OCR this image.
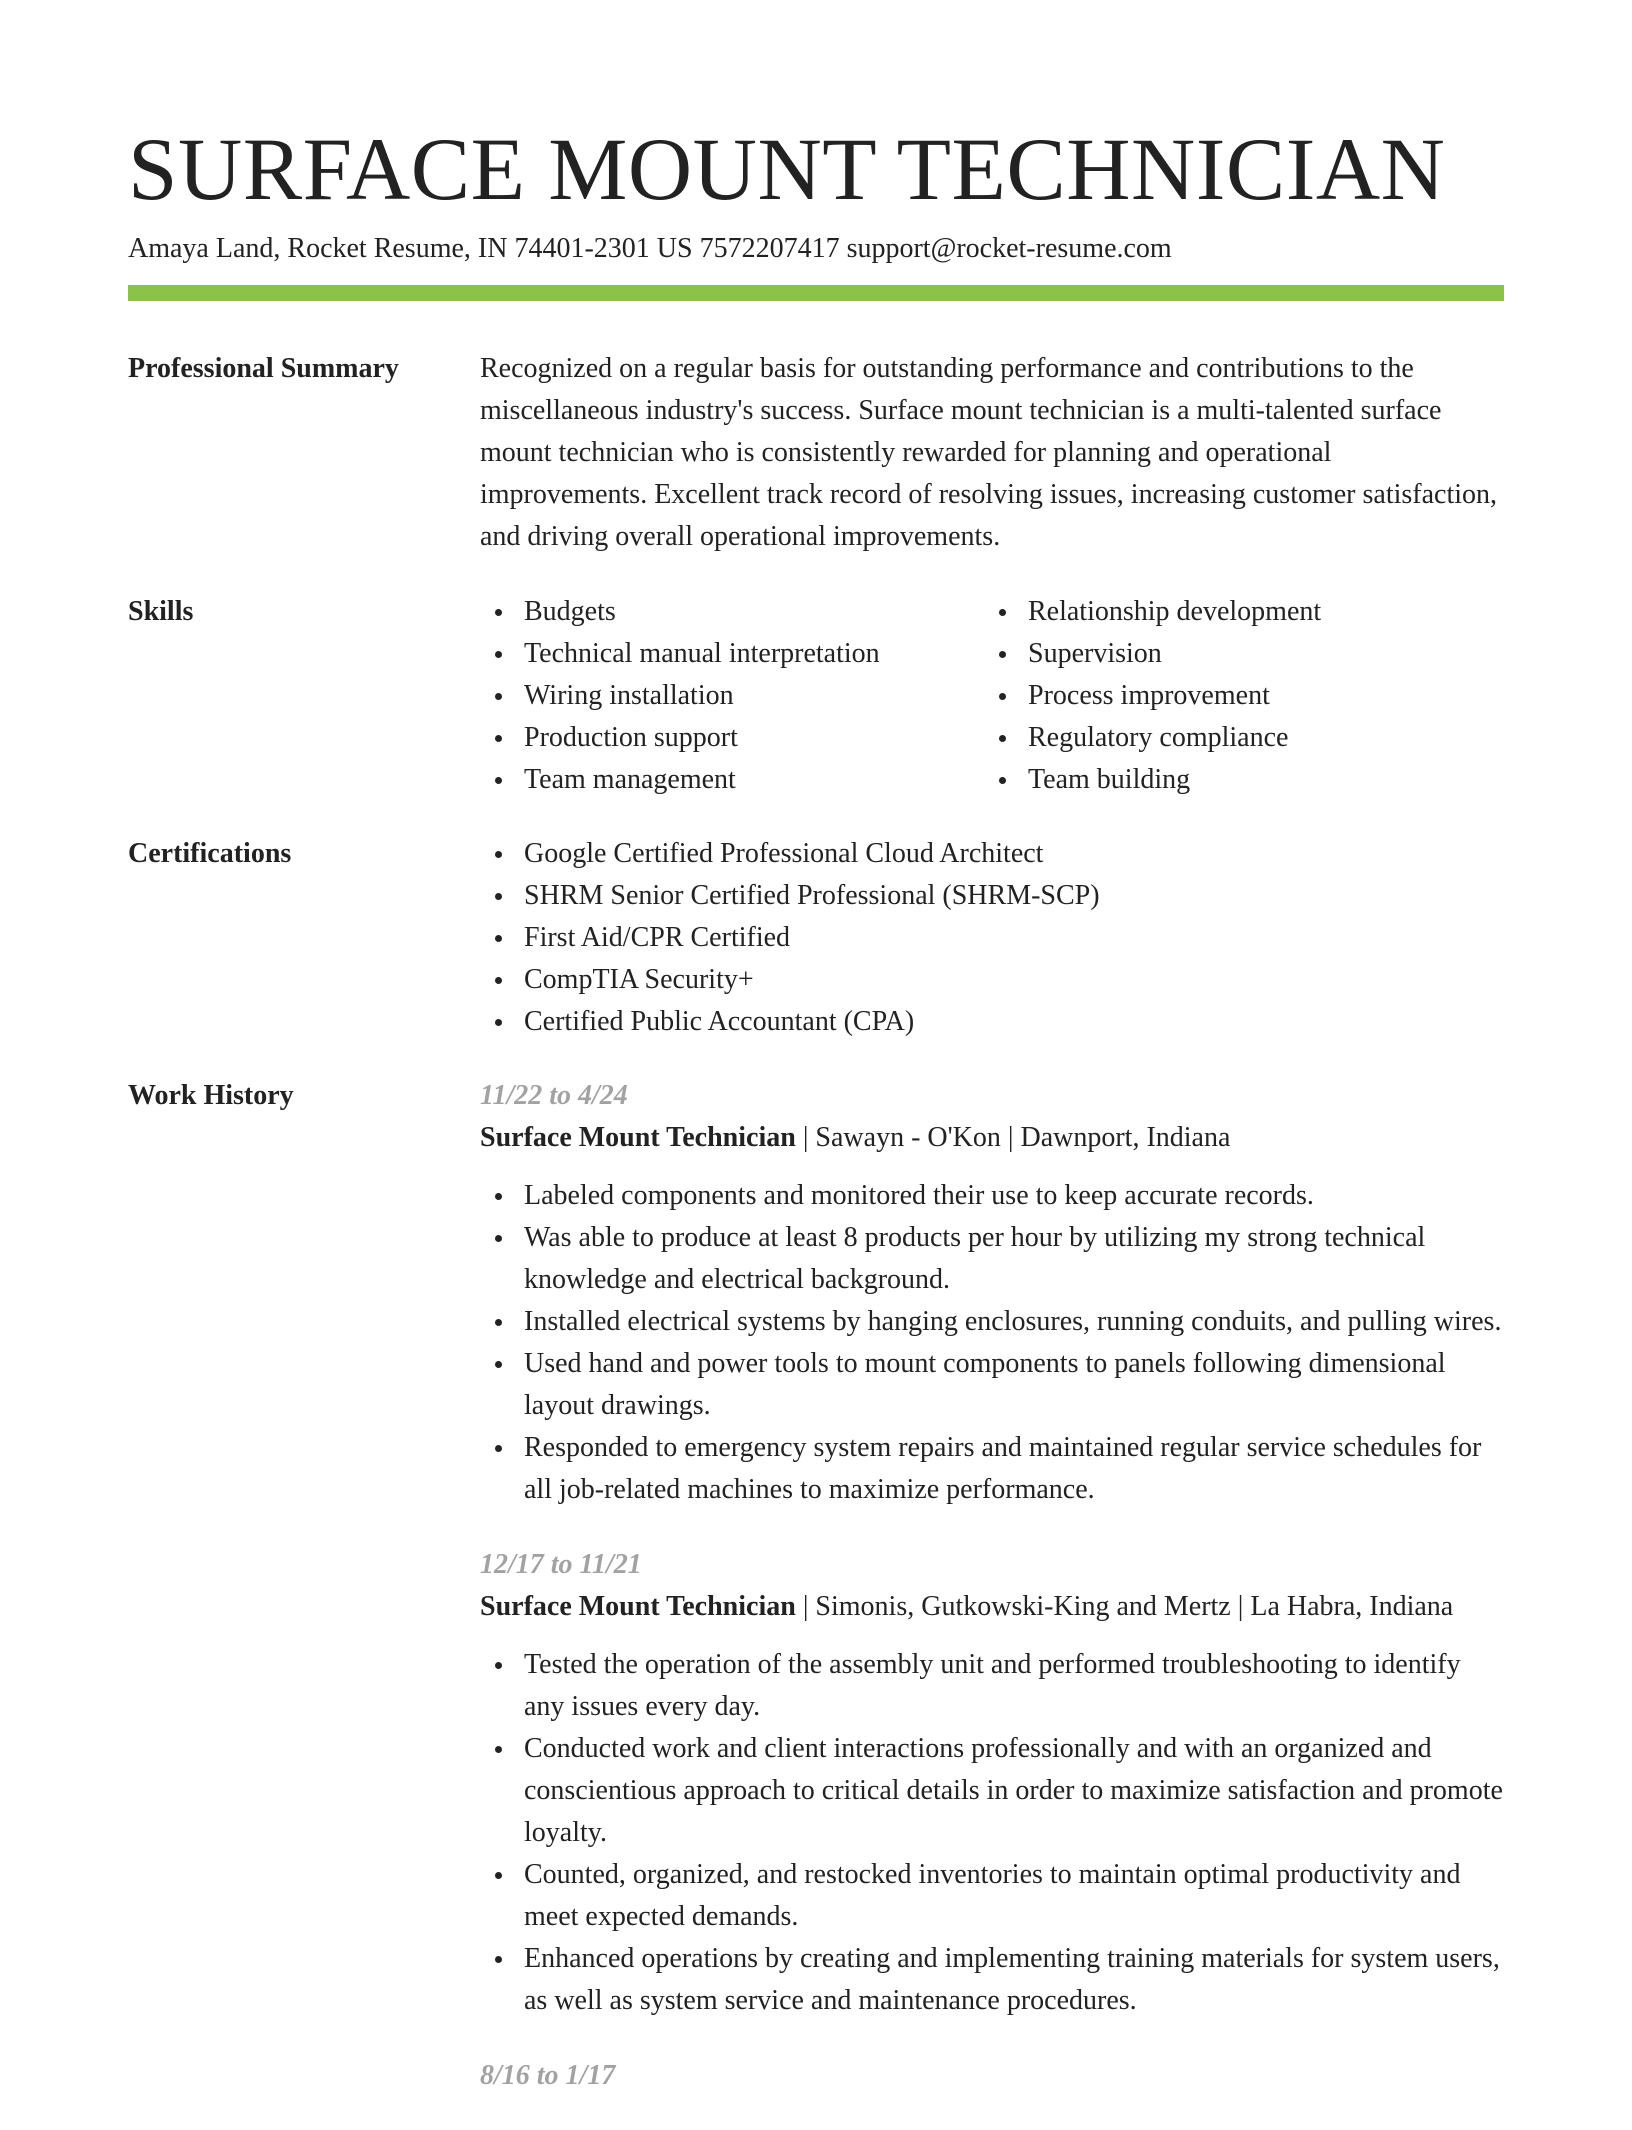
SURFACE MOUNT TECHNICIAN
Amaya Land, Rocket Resume, IN 74401-2301 US 7572207417 support@rocket-resume.com
Professional Summary	Recognized on a regular basis for outstanding performance and contributions to the miscellaneous industry's success. Surface mount technician is a multi-talented surface mount technician who is consistently rewarded for planning and operational improvements. Excellent track record of resolving issues, increasing customer satisfaction, and driving overall operational improvements.

Skills	Budgets
Technical manual interpretation
Wiring installation
Production support
Team management
Relationship development
Supervision
Process improvement
Regulatory compliance
Team building
Certifications	Google Certified Professional Cloud Architect
SHRM Senior Certified Professional (SHRM-SCP)
First Aid/CPR Certified
CompTIA Security+
Certified Public Accountant (CPA)
Work History	11/22 to 4/24
Surface Mount Technician | Sawayn - O'Kon | Dawnport, Indiana
Labeled components and monitored their use to keep accurate records.
Was able to produce at least 8 products per hour by utilizing my strong technical knowledge and electrical background.
Installed electrical systems by hanging enclosures, running conduits, and pulling wires.
Used hand and power tools to mount components to panels following dimensional layout drawings.
Responded to emergency system repairs and maintained regular service schedules for all job-related machines to maximize performance.
12/17 to 11/21
Surface Mount Technician | Simonis, Gutkowski-King and Mertz | La Habra, Indiana
Tested the operation of the assembly unit and performed troubleshooting to identify any issues every day.
Conducted work and client interactions professionally and with an organized and conscientious approach to critical details in order to maximize satisfaction and promote loyalty.
Counted, organized, and restocked inventories to maintain optimal productivity and meet expected demands.
Enhanced operations by creating and implementing training materials for system users, as well as system service and maintenance procedures.
8/16 to 1/17
